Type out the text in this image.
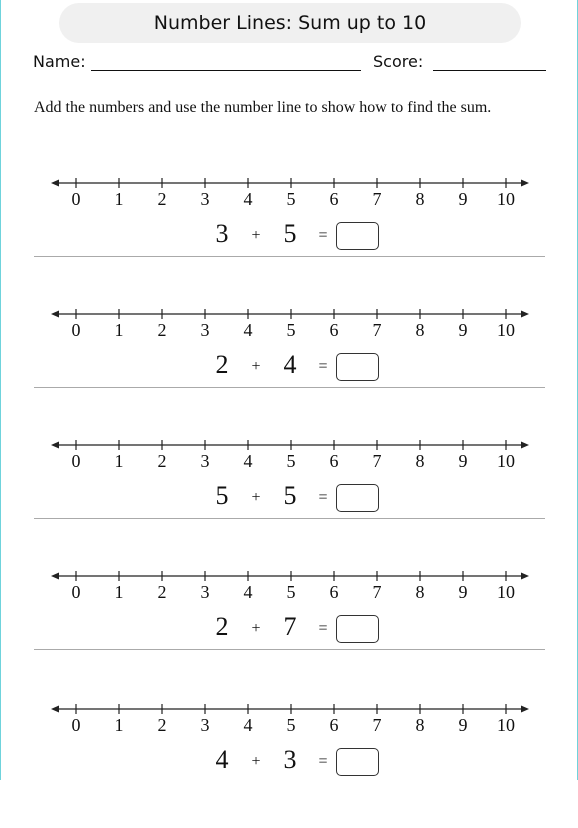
Number Lines: Sum up to 10
Name:	Score:
Add the numbers and use the number line to show how to find the sum.
0	1	2	3	4	5	6	7	8	9	10
3	+ 5	=
0	1	2	3	4	5	6	7	8	9	10
2	+ 4	=
0	1	2	3	4	5	6	7	8	9	10
5	+ 5	=
0	1	2	3	4	5	6	7	8	9	10
2	+ 7	=
0	1	2	3	4	5	6	7	8	9	10
4	+ 3	=
